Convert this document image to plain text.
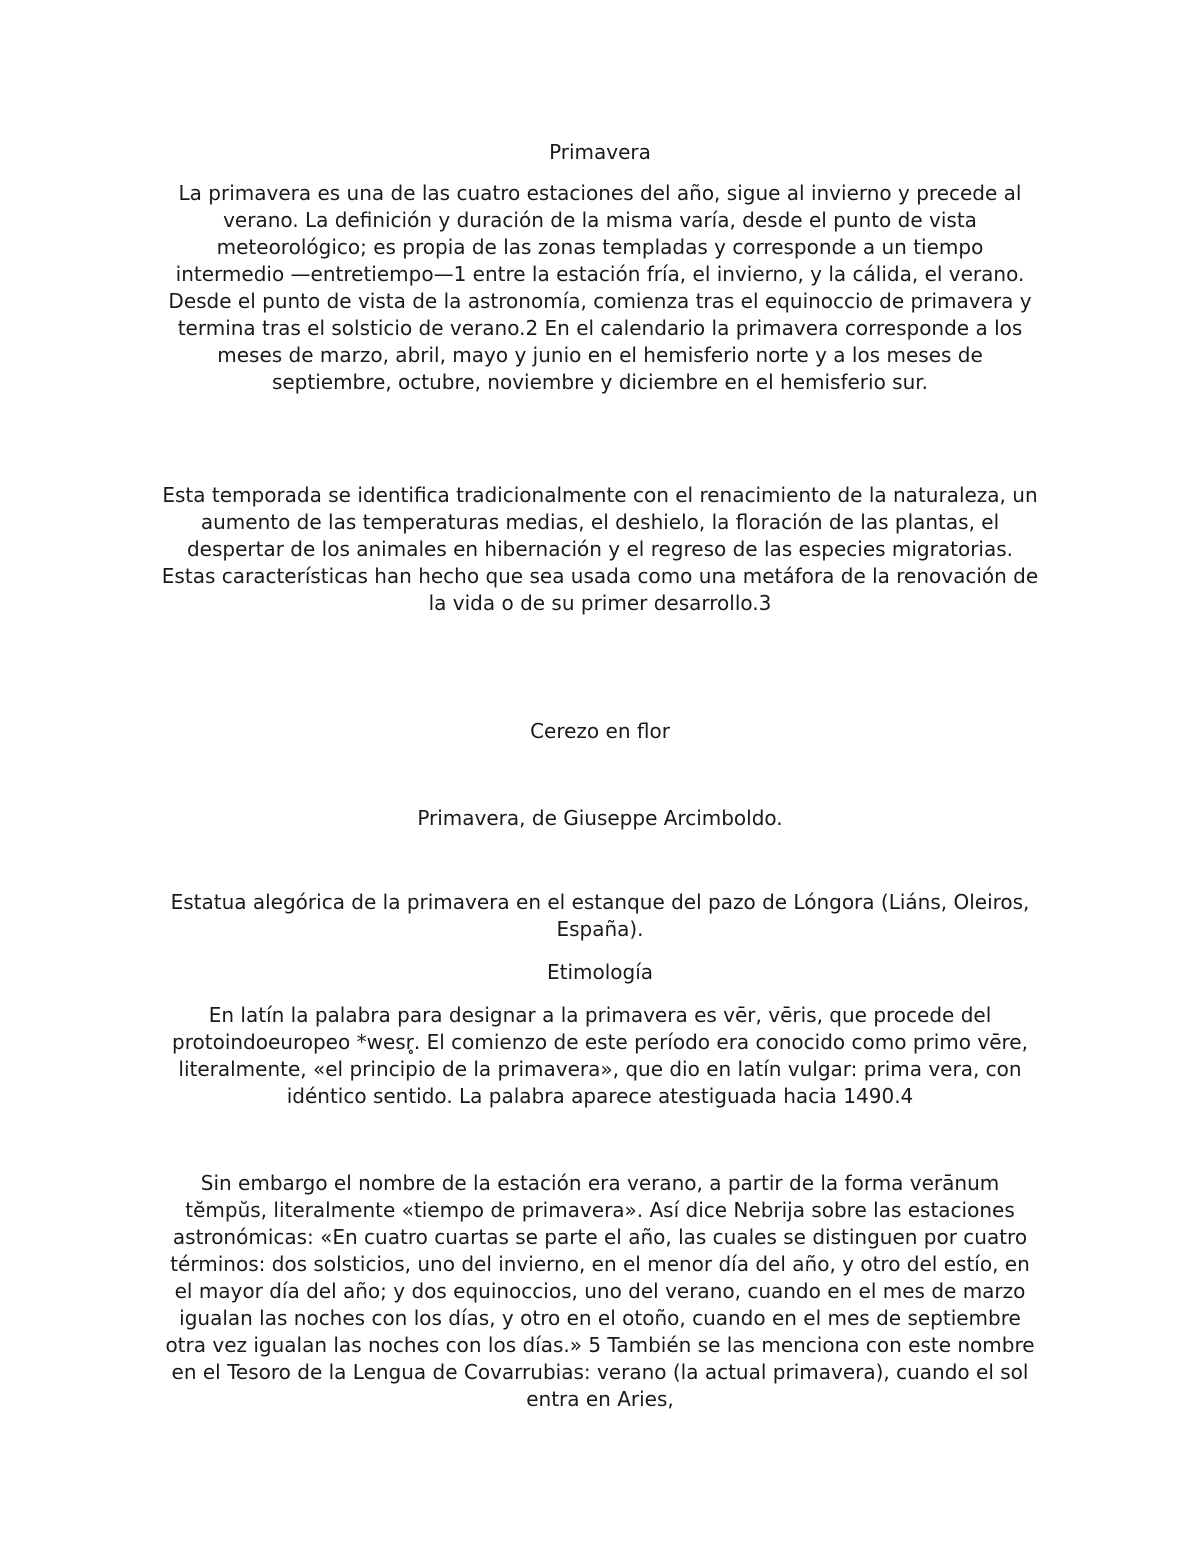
Primavera

La primavera es una de las cuatro estaciones del año, sigue al invierno y precede al verano. La definición y duración de la misma varía, desde el punto de vista meteorológico; es propia de las zonas templadas y corresponde a un tiempo intermedio —entretiempo—1 entre la estación fría, el invierno, y la cálida, el verano. Desde el punto de vista de la astronomía, comienza tras el equinoccio de primavera y termina tras el solsticio de verano.2 En el calendario la primavera corresponde a los meses de marzo, abril, mayo y junio en el hemisferio norte y a los meses de septiembre, octubre, noviembre y diciembre en el hemisferio sur.

Esta temporada se identifica tradicionalmente con el renacimiento de la naturaleza, un aumento de las temperaturas medias, el deshielo, la floración de las plantas, el despertar de los animales en hibernación y el regreso de las especies migratorias. Estas características han hecho que sea usada como una metáfora de la renovación de la vida o de su primer desarrollo.3

Cerezo en flor

Primavera, de Giuseppe Arcimboldo.

Estatua alegórica de la primavera en el estanque del pazo de Lóngora (Liáns, Oleiros, España).

Etimología

En latín la palabra para designar a la primavera es vēr, vēris, que procede del protoindoeuropeo *wesr̥. El comienzo de este período era conocido como primo vēre, literalmente, «el principio de la primavera», que dio en latín vulgar: prima vera, con idéntico sentido. La palabra aparece atestiguada hacia 1490.4

Sin embargo el nombre de la estación era verano, a partir de la forma verānum tĕmpŭs, literalmente «tiempo de primavera». Así dice Nebrija sobre las estaciones astronómicas: «En cuatro cuartas se parte el año, las cuales se distinguen por cuatro términos: dos solsticios, uno del invierno, en el menor día del año, y otro del estío, en el mayor día del año; y dos equinoccios, uno del verano, cuando en el mes de marzo igualan las noches con los días, y otro en el otoño, cuando en el mes de septiembre otra vez igualan las noches con los días.» 5 También se las menciona con este nombre en el Tesoro de la Lengua de Covarrubias: verano (la actual primavera), cuando el sol entra en Aries,
